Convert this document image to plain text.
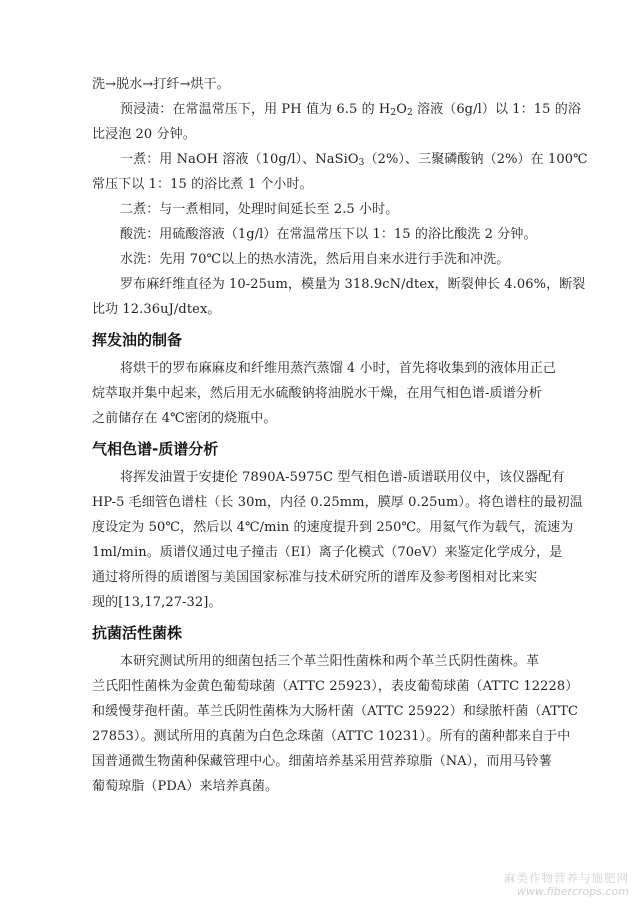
洗→脱水→打纤→烘干。
预浸渍：在常温常压下，用 PH 值为 6.5 的 $H_2O_2$ 溶液（6g/l）以 1：15 的浴
比浸泡 20 分钟。
一煮：用 NaOH 溶液（10g/l）、NaSiO$_3$（2%）、三聚磷酸钠（2%）在 100℃
常压下以 1：15 的浴比煮 1 个小时。
二煮：与一煮相同，处理时间延长至 2.5 小时。
酸洗：用硫酸溶液（1g/l）在常温常压下以 1：15 的浴比酸洗 2 分钟。
水洗：先用 70℃以上的热水清洗，然后用自来水进行手洗和冲洗。
罗布麻纤维直径为 10-25um，模量为 318.9cN/dtex，断裂伸长 4.06%，断裂
比功 12.36uJ/dtex。
挥发油的制备
将烘干的罗布麻麻皮和纤维用蒸汽蒸馏 4 小时，首先将收集到的液体用正己
烷萃取并集中起来，然后用无水硫酸钠将油脱水干燥，在用气相色谱-质谱分析
之前储存在 4℃密闭的烧瓶中。
气相色谱-质谱分析
将挥发油置于安捷伦 7890A-5975C 型气相色谱-质谱联用仪中，该仪器配有
HP-5 毛细管色谱柱（长 30m，内径 0.25mm，膜厚 0.25um）。将色谱柱的最初温
度设定为 50℃，然后以 4℃/min 的速度提升到 250℃。用氦气作为载气，流速为
1ml/min。质谱仪通过电子撞击（EI）离子化模式（70eV）来鉴定化学成分，是
通过将所得的质谱图与美国国家标准与技术研究所的谱库及参考图相对比来实
现的[13,17,27-32]。
抗菌活性菌株
本研究测试所用的细菌包括三个革兰阳性菌株和两个革兰氏阴性菌株。革
兰氏阳性菌株为金黄色葡萄球菌（ATTC 25923），表皮葡萄球菌（ATTC 12228）
和缓慢芽孢杆菌。革兰氏阴性菌株为大肠杆菌（ATTC 25922）和绿脓杆菌（ATTC
27853）。测试所用的真菌为白色念珠菌（ATTC 10231）。所有的菌种都来自于中
国普通微生物菌种保藏管理中心。细菌培养基采用营养琼脂（NA），而用马铃薯
葡萄琼脂（PDA）来培养真菌。
麻类作物营养与施肥网
www.fibercrops.com
